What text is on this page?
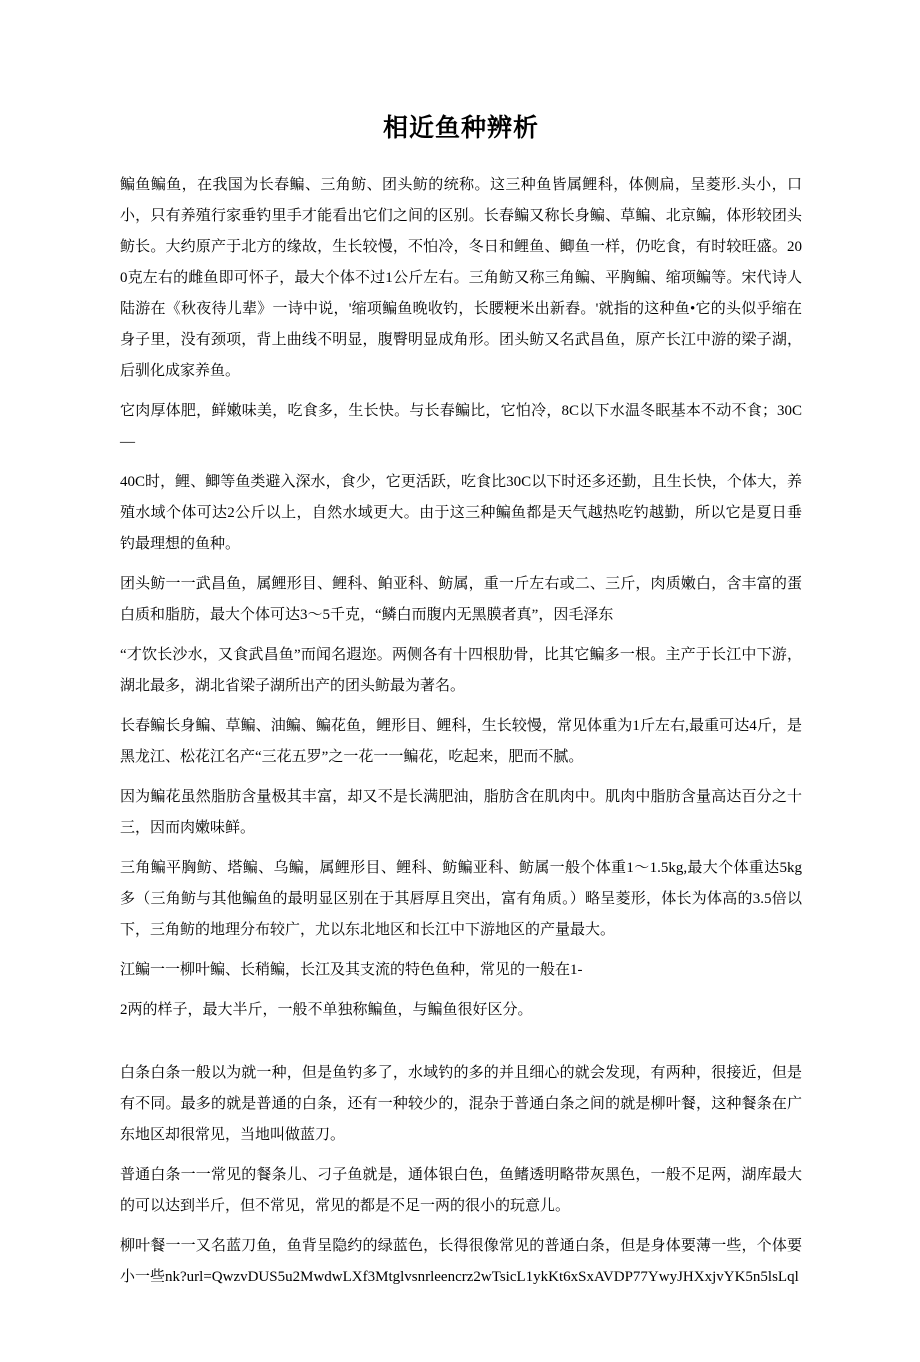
相近鱼种辨析

鳊鱼鳊鱼，在我国为长春鳊、三角鲂、团头鲂的统称。这三种鱼皆属鲤科，体侧扁，呈菱形.头小，口小，只有养殖行家垂钓里手才能看出它们之间的区别。长春鳊又称长身鳊、草鳊、北京鳊，体形较团头鲂长。大约原产于北方的缘故，生长较慢，不怕冷，冬日和鲤鱼、鲫鱼一样，仍吃食，有时较旺盛。200克左右的雌鱼即可怀子，最大个体不过1公斤左右。三角鲂又称三角鳊、平胸鳊、缩项鳊等。宋代诗人陆游在《秋夜待儿辈》一诗中说，'缩项鳊鱼晚收钓，长腰粳米出新舂。'就指的这种鱼•它的头似乎缩在身子里，没有颈项，背上曲线不明显，腹臀明显成角形。团头鲂又名武昌鱼，原产长江中游的梁子湖，后驯化成家养鱼。

它肉厚体肥，鲜嫩味美，吃食多，生长快。与长春鳊比，它怕冷，8C以下水温冬眠基本不动不食；30C—

40C时，鲤、鲫等鱼类避入深水，食少，它更活跃，吃食比30C以下时还多还勤，且生长快，个体大，养殖水域个体可达2公斤以上，自然水域更大。由于这三种鳊鱼都是天气越热吃钓越勤，所以它是夏日垂钓最理想的鱼种。

团头鲂一一武昌鱼，属鲤形目、鲤科、鲌亚科、鲂属，重一斤左右或二、三斤，肉质嫩白，含丰富的蛋白质和脂肪，最大个体可达3～5千克，“鳞白而腹内无黑膜者真”，因毛泽东

“才饮长沙水，又食武昌鱼”而闻名遐迩。两侧各有十四根肋骨，比其它鳊多一根。主产于长江中下游，湖北最多，湖北省梁子湖所出产的团头鲂最为著名。

长春鳊长身鳊、草鳊、油鳊、鳊花鱼，鲤形目、鲤科，生长较慢，常见体重为1斤左右,最重可达4斤，是黑龙江、松花江名产“三花五罗”之一花一一鳊花，吃起来，肥而不腻。

因为鳊花虽然脂肪含量极其丰富，却又不是长满肥油，脂肪含在肌肉中。肌肉中脂肪含量高达百分之十三，因而肉嫩味鲜。

三角鳊平胸鲂、塔鳊、乌鳊，属鲤形目、鲤科、鲂鳊亚科、鲂属一般个体重1～1.5kg,最大个体重达5kg多（三角鲂与其他鳊鱼的最明显区别在于其唇厚且突出，富有角质。）略呈菱形，体长为体高的3.5倍以下，三角鲂的地理分布较广，尤以东北地区和长江中下游地区的产量最大。

江鳊一一柳叶鳊、长稍鳊，长江及其支流的特色鱼种，常见的一般在1-

2两的样子，最大半斤，一般不单独称鳊鱼，与鳊鱼很好区分。

白条白条一般以为就一种，但是鱼钓多了，水域钓的多的并且细心的就会发现，有两种，很接近，但是有不同。最多的就是普通的白条，还有一种较少的，混杂于普通白条之间的就是柳叶餐，这种餐条在广东地区却很常见，当地叫做蓝刀。

普通白条一一常见的餐条儿、刁子鱼就是，通体银白色，鱼鳍透明略带灰黑色，一般不足两，湖库最大的可以达到半斤，但不常见，常见的都是不足一两的很小的玩意儿。

柳叶餐一一又名蓝刀鱼，鱼背呈隐约的绿蓝色，长得很像常见的普通白条，但是身体要薄一些，个体要小一些nk?url=QwzvDUS5u2MwdwLXf3Mtglvsnrleencrz2wTsicL1ykKt6xSxAVDP77YwyJHXxjvYK5n5lsLql
